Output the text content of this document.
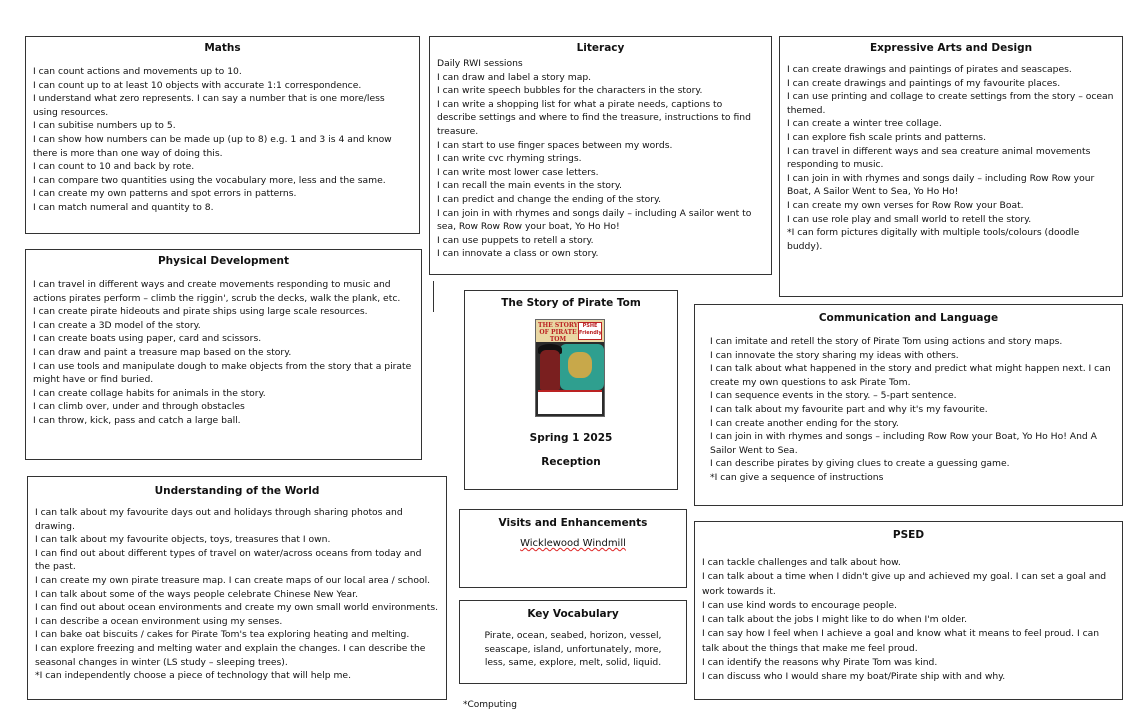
Maths

I can count actions and movements up to 10.

I can count up to at least 10 objects with accurate 1:1 correspondence.

I understand what zero represents. I can say a number that is one more/less using resources.

I can subitise numbers up to 5.

I can show how numbers can be made up (up to 8) e.g. 1 and 3 is 4 and know there is more than one way of doing this.

I can count to 10 and back by rote.

I can compare two quantities using the vocabulary more, less and the same.

I can create my own patterns and spot errors in patterns.

I can match numeral and quantity to 8.

Literacy

Daily RWI sessions

I can draw and label a story map.

I can write speech bubbles for the characters in the story.

I can write a shopping list for what a pirate needs, captions to describe settings and where to find the treasure, instructions to find treasure.

I can start to use finger spaces between my words.

I can write cvc rhyming strings.

I can write most lower case letters.

I can recall the main events in the story.

I can predict and change the ending of the story.

I can join in with rhymes and songs daily – including A sailor went to sea, Row Row Row your boat, Yo Ho Ho!

I can use puppets to retell a story.

I can innovate a class or own story.

Expressive Arts and Design

I can create drawings and paintings of pirates and seascapes.

I can create drawings and paintings of my favourite places.

I can use printing and collage to create settings from the story – ocean themed.

I can create a winter tree collage.

I can explore fish scale prints and patterns.

I can travel in different ways and sea creature animal movements responding to music.

I can join in with rhymes and songs daily – including Row Row your Boat, A Sailor Went to Sea, Yo Ho Ho!

I can create my own verses for Row Row your Boat.

I can use role play and small world to retell the story.

*I can form pictures digitally with multiple tools/colours (doodle buddy).

Physical Development

I can travel in different ways and create movements responding to music and actions pirates perform – climb the riggin', scrub the decks, walk the plank, etc.

I can create pirate hideouts and pirate ships using large scale resources.

I can create a 3D model of the story.

I can create boats using paper, card and scissors.

I can draw and paint a treasure map based on the story.

I can use tools and manipulate dough to make objects from the story that a pirate might have or find buried.

I can create collage habits for animals in the story.

I can climb over, under and through obstacles

I can throw, kick, pass and catch a large ball.

The Story of Pirate Tom
Spring 1 2025
Reception
THE STORY OF PIRATE TOM
PSHE Friendly
Communication and Language

I can imitate and retell the story of Pirate Tom using actions and story maps.

I can innovate the story sharing my ideas with others.

I can talk about what happened in the story and predict what might happen next. I can create my own questions to ask Pirate Tom.

I can sequence events in the story. – 5-part sentence.

I can talk about my favourite part and why it's my favourite.

I can create another ending for the story.

I can join in with rhymes and songs – including Row Row your Boat, Yo Ho Ho! And A Sailor Went to Sea.

I can describe pirates by giving clues to create a guessing game.

*I can give a sequence of instructions

Understanding of the World

I can talk about my favourite days out and holidays through sharing photos and drawing.

I can talk about my favourite objects, toys, treasures that I own.

I can find out about different types of travel on water/across oceans from today and the past.

I can create my own pirate treasure map. I can create maps of our local area / school.

I can talk about some of the ways people celebrate Chinese New Year.

I can find out about ocean environments and create my own small world environments.

I can describe a ocean environment using my senses.

I can bake oat biscuits / cakes for Pirate Tom's tea exploring heating and melting.

I can explore freezing and melting water and explain the changes. I can describe the seasonal changes in winter (LS study – sleeping trees).

*I can independently choose a piece of technology that will help me.

Visits and Enhancements
Wicklewood Windmill
Key Vocabulary
Pirate, ocean, seabed, horizon, vessel, seascape, island, unfortunately, more, less, same, explore, melt, solid, liquid.
PSED

I can tackle challenges and talk about how.

I can talk about a time when I didn't give up and achieved my goal. I can set a goal and work towards it.

I can use kind words to encourage people.

I can talk about the jobs I might like to do when I'm older.

I can say how I feel when I achieve a goal and know what it means to feel proud. I can talk about the things that make me feel proud.

I can identify the reasons why Pirate Tom was kind.

I can discuss who I would share my boat/Pirate ship with and why.

*Computing
